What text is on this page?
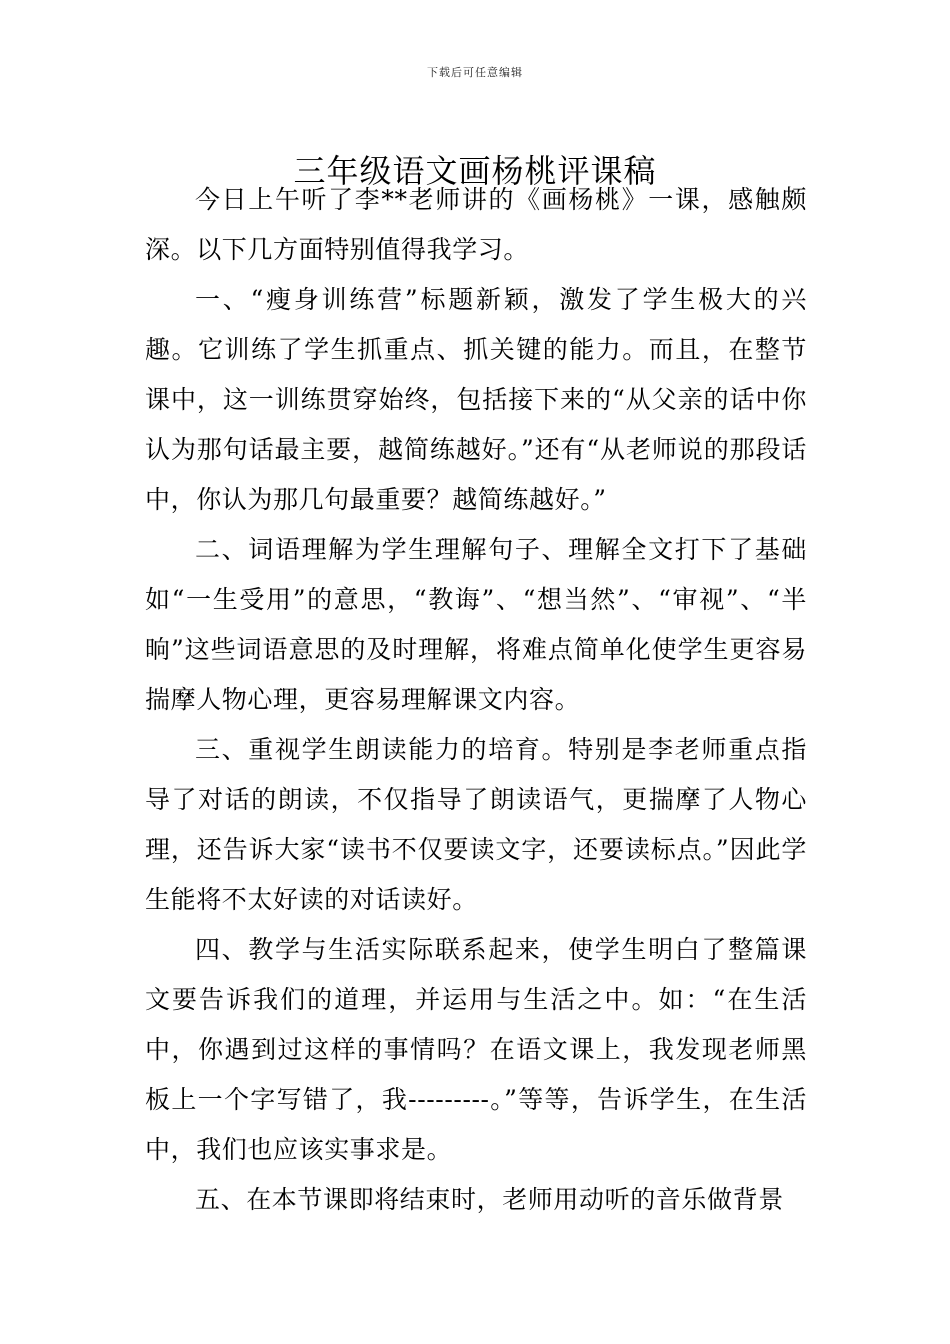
下载后可任意编辑
三年级语文画杨桃评课稿

今日上午听了李**老师讲的《画杨桃》一课，感触颇深。以下几方面特别值得我学习。

一、“瘦身训练营”标题新颖，激发了学生极大的兴趣。它训练了学生抓重点、抓关键的能力。而且，在整节课中，这一训练贯穿始终，包括接下来的“从父亲的话中你认为那句话最主要，越简练越好。”还有“从老师说的那段话中，你认为那几句最重要？越简练越好。”

二、词语理解为学生理解句子、理解全文打下了基础如“一生受用”的意思，“教诲”、“想当然”、“审视”、“半晌”这些词语意思的及时理解，将难点简单化使学生更容易揣摩人物心理，更容易理解课文内容。

三、重视学生朗读能力的培育。特别是李老师重点指导了对话的朗读，不仅指导了朗读语气，更揣摩了人物心理，还告诉大家“读书不仅要读文字，还要读标点。”因此学生能将不太好读的对话读好。

四、教学与生活实际联系起来，使学生明白了整篇课文要告诉我们的道理，并运用与生活之中。如：“在生活中，你遇到过这样的事情吗？在语文课上，我发现老师黑板上一个字写错了，我---------。”等等，告诉学生，在生活中，我们也应该实事求是。

五、在本节课即将结束时，老师用动听的音乐做背景
